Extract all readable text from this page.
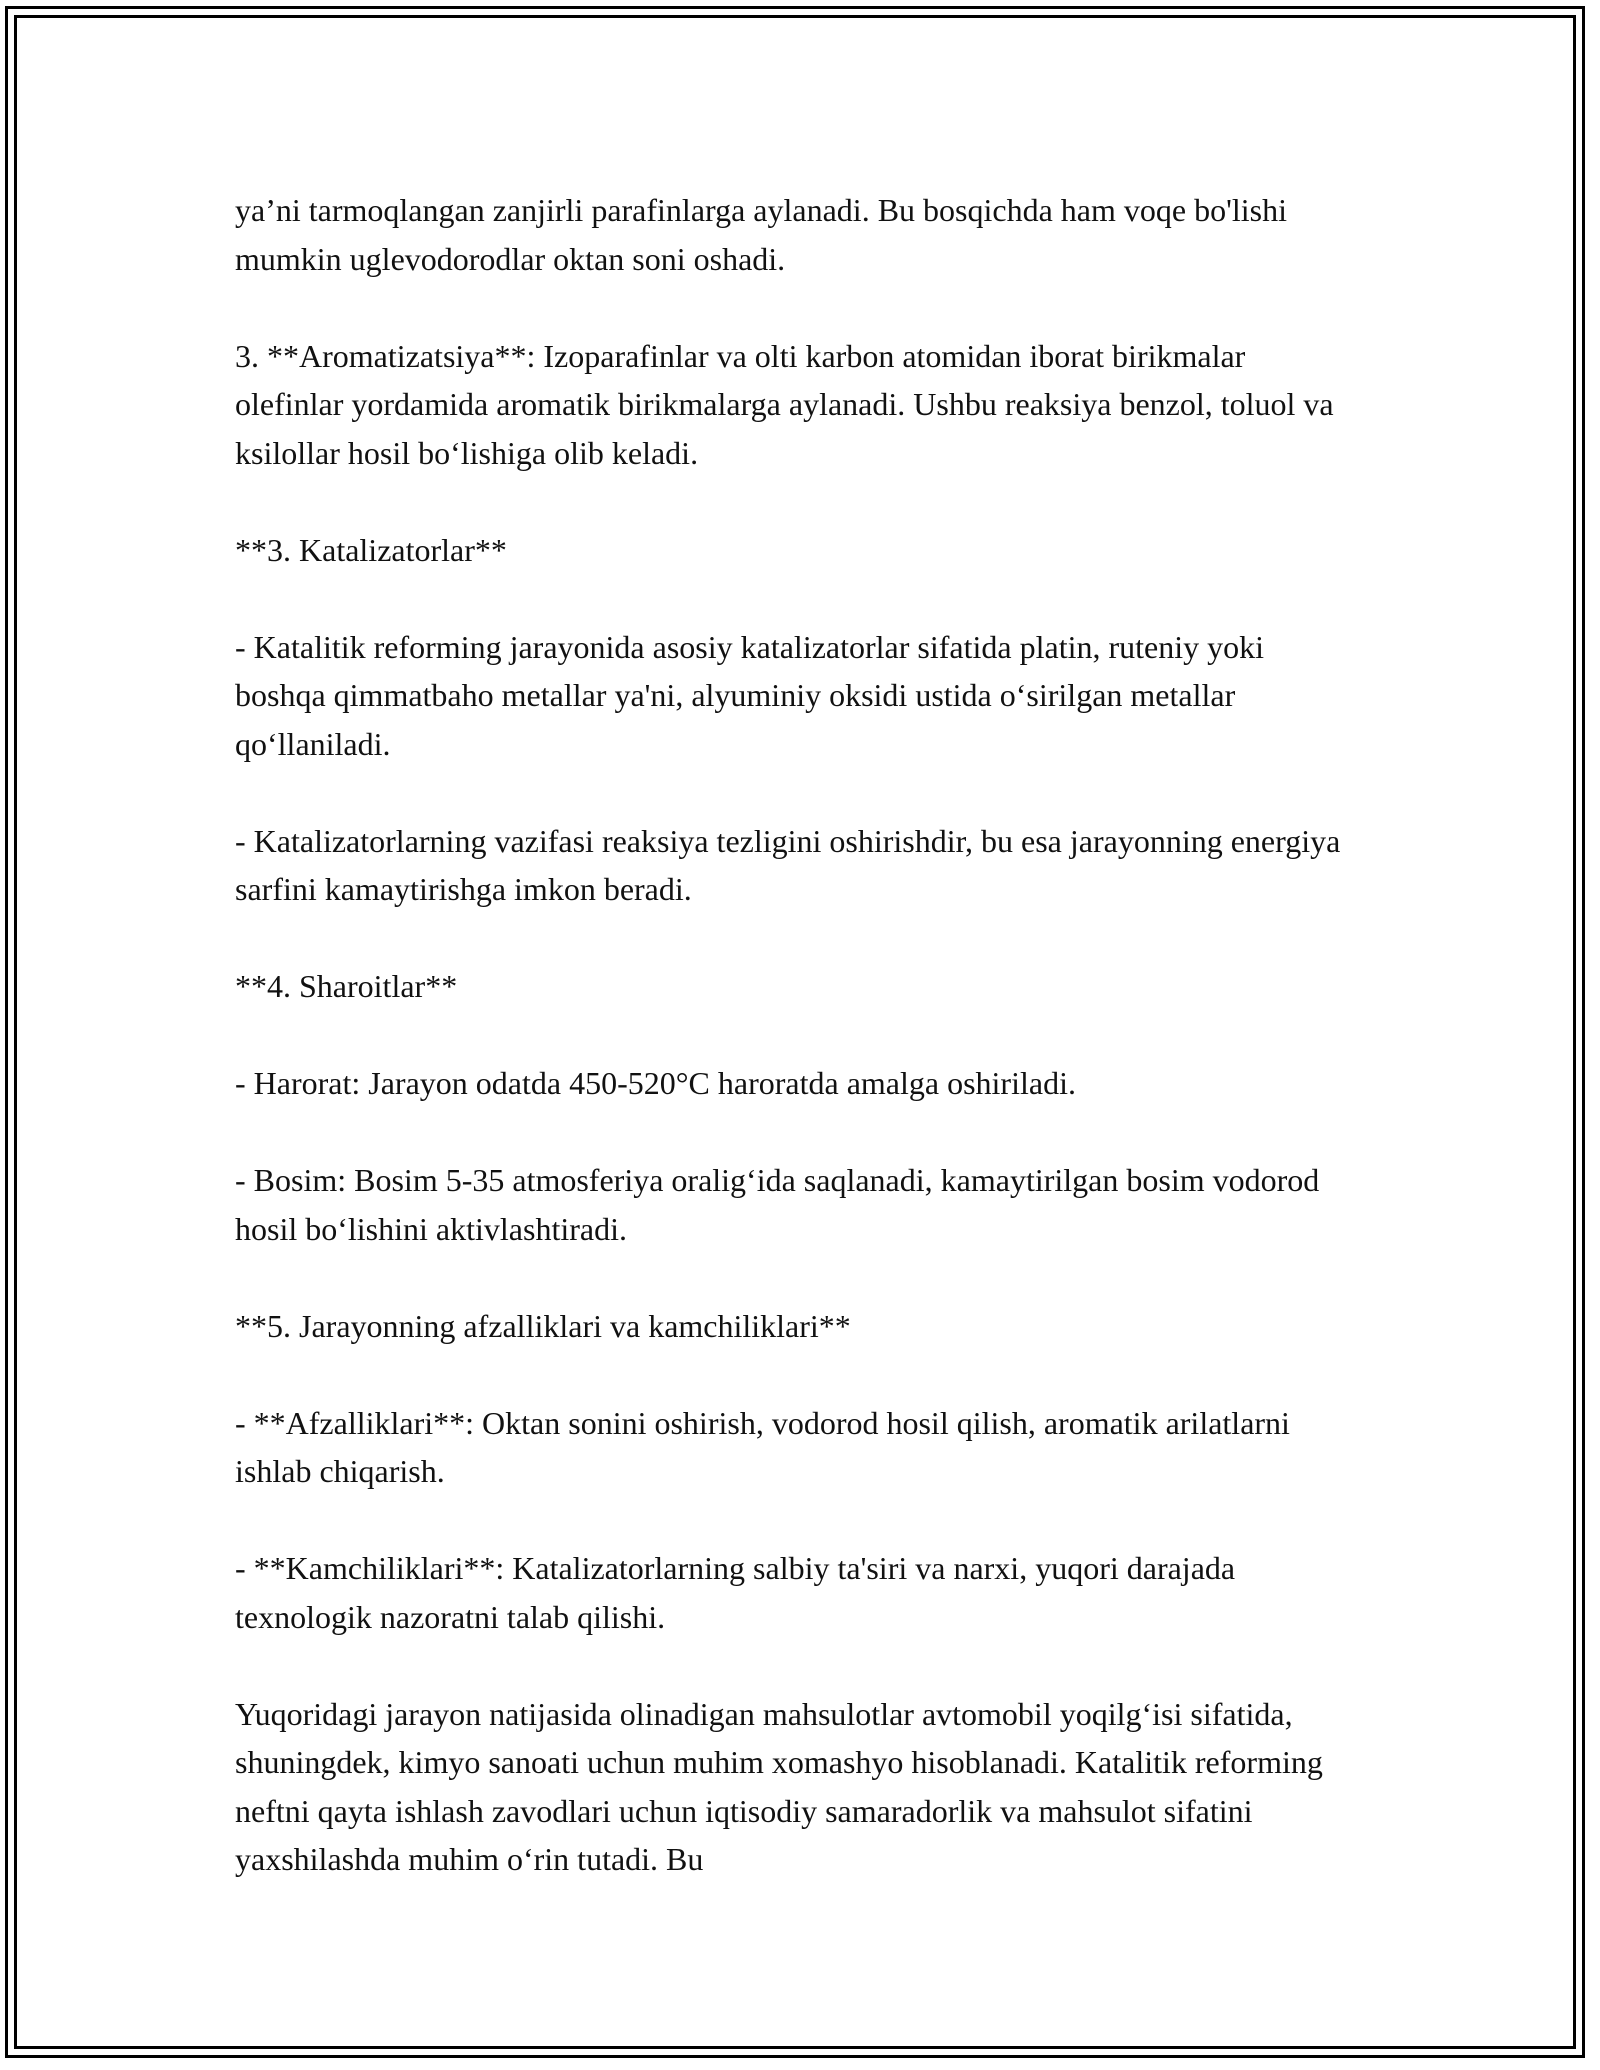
ya’ni tarmoqlangan zanjirli parafinlarga aylanadi. Bu bosqichda ham voqe bo'lishi mumkin uglevodorodlar oktan soni oshadi.

3. **Aromatizatsiya**: Izoparafinlar va olti karbon atomidan iborat birikmalar olefinlar yordamida aromatik birikmalarga aylanadi. Ushbu reaksiya benzol, toluol va ksilollar hosil bo‘lishiga olib keladi.

**3. Katalizatorlar**

- Katalitik reforming jarayonida asosiy katalizatorlar sifatida platin, ruteniy yoki boshqa qimmatbaho metallar ya'ni, alyuminiy oksidi ustida o‘sirilgan metallar qo‘llaniladi.

- Katalizatorlarning vazifasi reaksiya tezligini oshirishdir, bu esa jarayonning energiya sarfini kamaytirishga imkon beradi.

**4. Sharoitlar**

- Harorat: Jarayon odatda 450-520°C haroratda amalga oshiriladi.

- Bosim: Bosim 5-35 atmosferiya oralig‘ida saqlanadi, kamaytirilgan bosim vodorod hosil bo‘lishini aktivlashtiradi.

**5. Jarayonning afzalliklari va kamchiliklari**

- **Afzalliklari**: Oktan sonini oshirish, vodorod hosil qilish, aromatik arilatlarni ishlab chiqarish.

- **Kamchiliklari**: Katalizatorlarning salbiy ta'siri va narxi, yuqori darajada texnologik nazoratni talab qilishi.

Yuqoridagi jarayon natijasida olinadigan mahsulotlar avtomobil yoqilg‘isi sifatida, shuningdek, kimyo sanoati uchun muhim xomashyo hisoblanadi. Katalitik reforming neftni qayta ishlash zavodlari uchun iqtisodiy samaradorlik va mahsulot sifatini yaxshilashda muhim o‘rin tutadi. Bu
